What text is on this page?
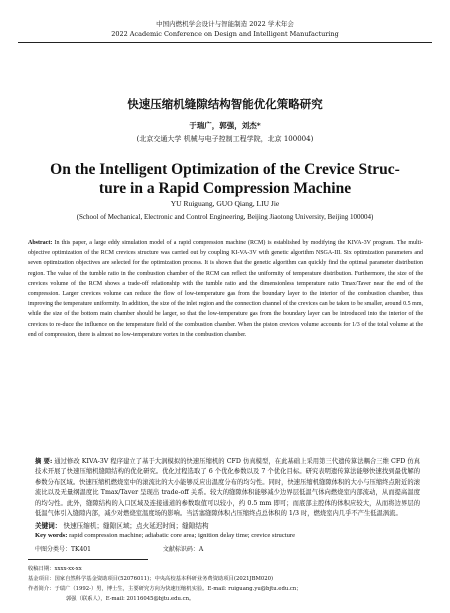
中国内燃机学会设计与智能制造 2022 学术年会
2022 Academic Conference on Design and Intelligent Manufacturing
快速压缩机缝隙结构智能优化策略研究
于瑞广，郭强，刘杰*
(北京交通大学 机械与电子控制工程学院，北京 100004)
On the Intelligent Optimization of the Crevice Struc-
ture in a Rapid Compression Machine
YU Ruiguang, GUO Qiang, LIU Jie
(School of Mechanical, Electronic and Control Engineering, Beijing Jiaotong University, Beijing 100004)
Abstract: In this paper, a large eddy simulation model of a rapid compression machine (RCM) is established by modifying the KIVA-3V program. The multi-objective optimization of the RCM crevices structure was carried out by coupling KI-VA-3V with genetic algorithm NSGA-III. Six optimization parameters and seven optimization objectives are selected for the optimization process. It is shown that the genetic algorithm can quickly find the optimal parameter distribution region. The value of the tumble ratio in the combustion chamber of the RCM can reflect the uniformity of temperature distribution. Furthermore, the size of the crevices volume of the RCM shows a trade-off relationship with the tumble ratio and the dimensionless temperature ratio Tmax/Taver near the end of the compression. Larger crevices volume can reduce the flow of low-temperature gas from the boundary layer to the interior of the combustion chamber, thus improving the temperature uniformity. In addition, the size of the inlet region and the connection channel of the crevices can be taken to be smaller, around 0.5 mm, while the size of the bottom main chamber should be larger, so that the low-temperature gas from the boundary layer can be introduced into the interior of the crevices to re-duce the influence on the temperature field of the combustion chamber. When the piston crevices volume accounts for 1/3 of the total volume at the end of compression, there is almost no low-temperature vortex in the combustion chamber.
摘 要: 通过修改 KIVA-3V 程序建立了基于大涡模拟的快速压缩机的 CFD 仿真模型，在此基础上采用第三代遗传算法耦合三维 CFD 仿真技术开展了快速压缩机缝隙结构的优化研究。优化过程选取了 6 个优化参数以及 7 个优化目标。研究表明遗传算法能够快速找到最优解的参数分布区域。快速压缩机燃烧室中的滚流比的大小能够反应出温度分布的均匀性。同时，快速压缩机缝隙体积的大小与压缩终点附近的滚流比以及无量纲温度比 Tmax/Taver 呈现出 trade-off 关系。较大的缝隙体积能够减少边界层低温气体向燃烧室内部流动，从而提高温度的均匀性。此外，缝隙结构的入口区域及连接通道的参数取值可以较小，约 0.5 mm 即可；而底部主腔体的体积应较大，从而将边界层的低温气体引入缝隙内部，减少对燃烧室温度场的影响。当活塞缝隙体积占压缩终点总体积的 1/3 时，燃烧室内几乎不产生低温涡流。
关键词： 快速压缩机；缝隙区域；点火延迟时间；缝隙结构
Key words: rapid compression machine; adiabatic core area; ignition delay time; crevice structure
中图分类号：TK401	文献标识码：A
收稿日期：xxxx-xx-xx
基金项目：国家自然科学基金资助项目(52076011)；中央高校基本科研业务费资助项目(2021JBM020)
作者简介：于瑞广（1992-）男，博士生，主要研究方向为快速压缩机实验。E-mail: ruiguang.yu@bjtu.edu.cn；
郭强（联系人），E-mail: 20116045@bjtu.edu.cn。
